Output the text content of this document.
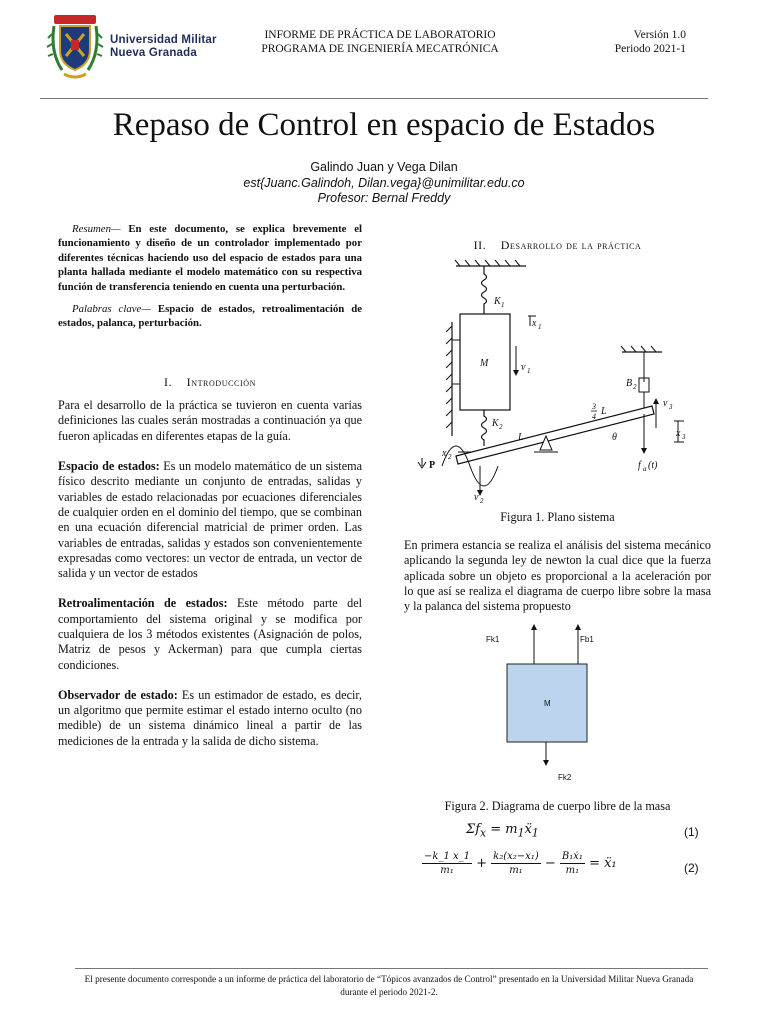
Universidad Militar
Nueva Granada
INFORME DE PRÁCTICA DE LABORATORIO
PROGRAMA DE INGENIERÍA MECATRÓNICA
Versión 1.0
Periodo 2021-1
Repaso de Control en espacio de Estados
Galindo Juan y Vega Dilan
est{Juanc.Galindoh, Dilan.vega}@unimilitar.edu.co
Profesor: Bernal Freddy

Resumen— En este documento, se explica brevemente el funcionamiento y diseño de un controlador implementado por diferentes técnicas haciendo uso del espacio de estados para una planta hallada mediante el modelo matemático con su respectiva función de transferencia teniendo en cuenta una perturbación.

Palabras clave— Espacio de estados, retroalimentación de estados, palanca, perturbación.

I. Introducción

Para el desarrollo de la práctica se tuvieron en cuenta varias definiciones las cuales serán mostradas a continuación ya que fueron aplicadas en diferentes etapas de la guía.

Espacio de estados: Es un modelo matemático de un sistema físico descrito mediante un conjunto de entradas, salidas y variables de estado relacionadas por ecuaciones diferenciales de cualquier orden en el dominio del tiempo, que se combinan en una ecuación diferencial matricial de primer orden. Las variables de entradas, salidas y estados son convenientemente expresadas como vectores: un vector de entrada, un vector de salida y un vector de estados

Retroalimentación de estados: Este método parte del comportamiento del sistema original y se modifica por cualquiera de los 3 métodos existentes (Asignación de polos, Matriz de pesos y Ackerman) para que cumpla ciertas condiciones.

Observador de estado: Es un estimador de estado, es decir, un algoritmo que permite estimar el estado interno oculto (no medible) de un sistema dinámico lineal a partir de las mediciones de la entrada y la salida de dicho sistema.

II. Desarrollo de la práctica
K 1
M
x 1
v 1
K 2
L
3
4 L
θ
B 2
v 3
x 3
f a (t)
P
x 2
v 2
Figura 1. Plano sistema

En primera estancia se realiza el análisis del sistema mecánico aplicando la segunda ley de newton la cual dice que la fuerza aplicada sobre un objeto es proporcional a la aceleración por lo que así se realiza el diagrama de cuerpo libre sobre la masa y la palanca del sistema propuesto

Fk1	Fb1
M
Fk2
Figura 2. Diagrama de cuerpo libre de la masa
$\Sigma f_x$ = $m_1ẍ_1$	(1)
$\frac{-k\_1 x\_1}{\text{m₁}} + \frac{\text{k₂(x₂−x₁)}}{\text{m₁}} - \frac{\text{B₁ẋ₁}}{\text{m₁}}$ = ẍ₁	(2)
El presente documento corresponde a un informe de práctica del laboratorio de “Tópicos avanzados de Control” presentado en la Universidad Militar Nueva Granada durante el periodo 2021-2.
